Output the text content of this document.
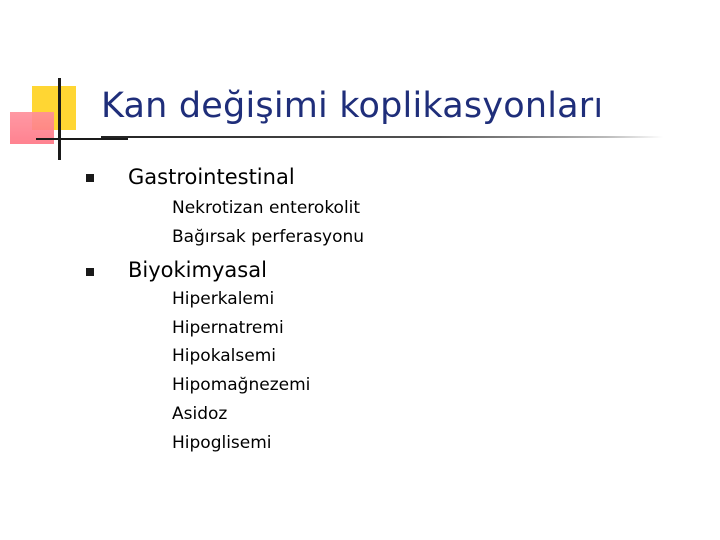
Kan değişimi koplikasyonları
Gastrointestinal
Nekrotizan enterokolit
Bağırsak perferasyonu
Biyokimyasal
Hiperkalemi
Hipernatremi
Hipokalsemi
Hipomağnezemi
Asidoz
Hipoglisemi
